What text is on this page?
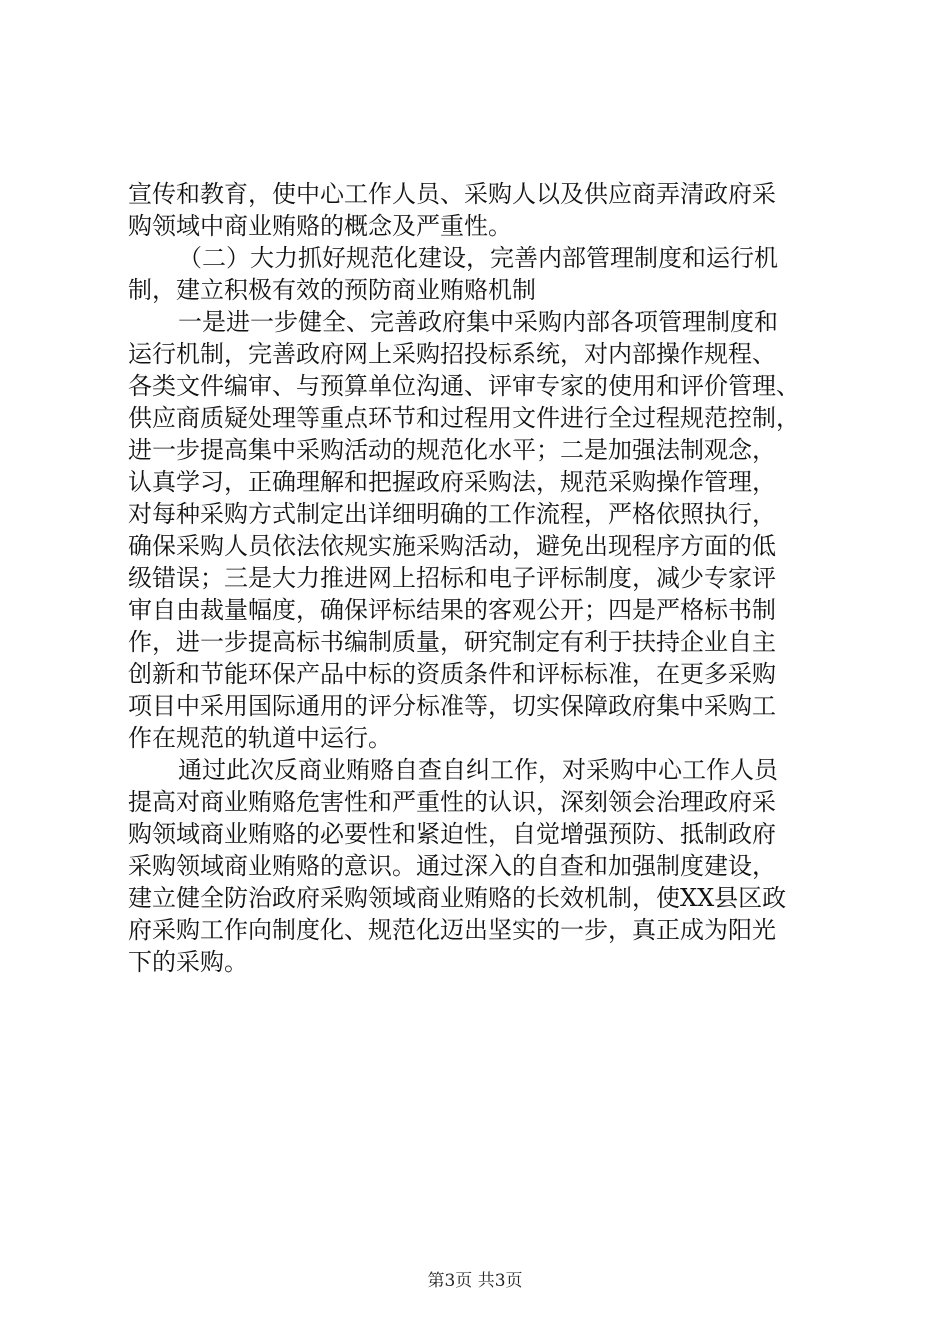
宣传和教育，使中心工作人员、采购人以及供应商弄清政府采
购领域中商业贿赂的概念及严重性。
（二）大力抓好规范化建设，完善内部管理制度和运行机
制，建立积极有效的预防商业贿赂机制
一是进一步健全、完善政府集中采购内部各项管理制度和
运行机制，完善政府网上采购招投标系统，对内部操作规程、
各类文件编审、与预算单位沟通、评审专家的使用和评价管理、
供应商质疑处理等重点环节和过程用文件进行全过程规范控制，
进一步提高集中采购活动的规范化水平；二是加强法制观念，
认真学习，正确理解和把握政府采购法，规范采购操作管理，
对每种采购方式制定出详细明确的工作流程，严格依照执行，
确保采购人员依法依规实施采购活动，避免出现程序方面的低
级错误；三是大力推进网上招标和电子评标制度，减少专家评
审自由裁量幅度，确保评标结果的客观公开；四是严格标书制
作，进一步提高标书编制质量，研究制定有利于扶持企业自主
创新和节能环保产品中标的资质条件和评标标准，在更多采购
项目中采用国际通用的评分标准等，切实保障政府集中采购工
作在规范的轨道中运行。
通过此次反商业贿赂自查自纠工作，对采购中心工作人员
提高对商业贿赂危害性和严重性的认识，深刻领会治理政府采
购领域商业贿赂的必要性和紧迫性，自觉增强预防、抵制政府
采购领域商业贿赂的意识。通过深入的自查和加强制度建设，
建立健全防治政府采购领域商业贿赂的长效机制，使XX县区政
府采购工作向制度化、规范化迈出坚实的一步，真正成为阳光
下的采购。
第3页 共3页
